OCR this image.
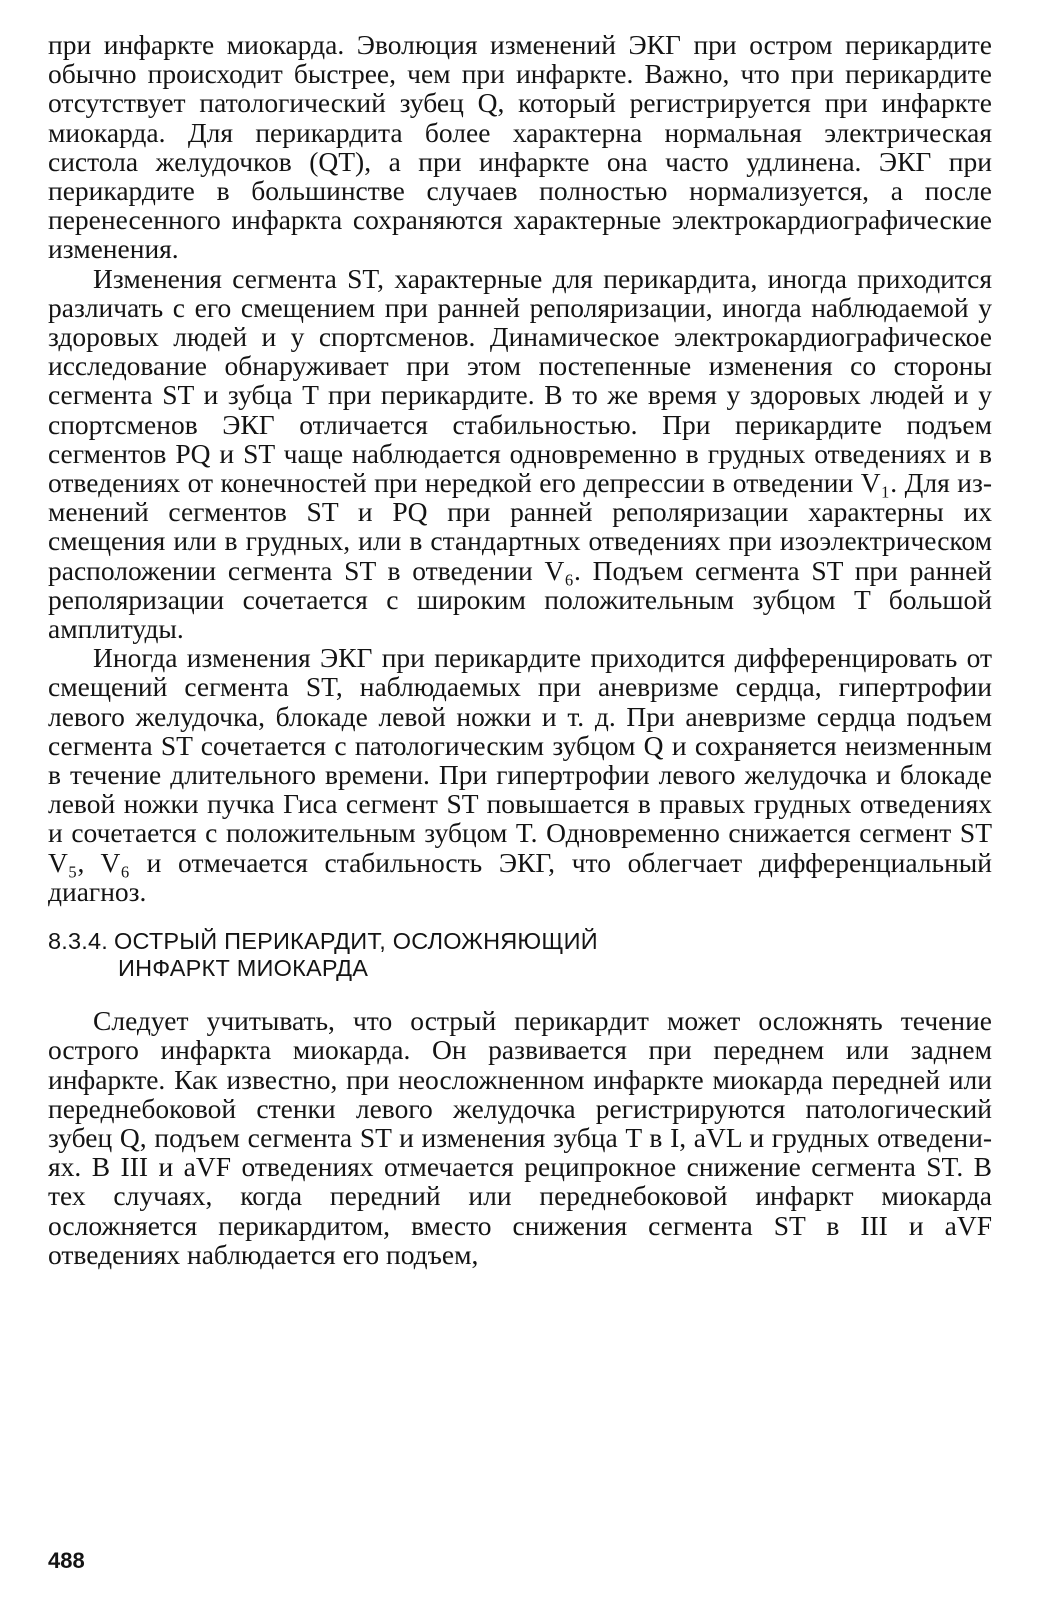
при инфаркте миокарда. Эволюция изменений ЭКГ при остром перикардите обычно происходит быстрее, чем при инфаркте. Важно, что при перикардите отсутствует патологический зубец Q, который регистрируется при инфаркте миокарда. Для перикардита более характерна нормальная электрическая систола желудочков (QT), а при инфаркте она часто удлинена. ЭКГ при перикардите в большинстве случаев полностью нормализуется, а после перенесенного инфаркта сохраняются характерные электрокардиографические изменения.

Изменения сегмента ST, характерные для перикардита, иногда приходится различать с его смещением при ранней реполяризации, иногда наблюдаемой у здоровых людей и у спортсменов. Динамическое электрокардиографическое исследование обнаруживает при этом постепенные изменения со стороны сегмента ST и зубца T при перикардите. В то же время у здоровых людей и у спортсменов ЭКГ отличается стабильностью. При перикардите подъем сегментов PQ и ST чаще наблюдается одновременно в грудных отведениях и в отведениях от конечностей при нередкой его депрессии в отведении V₁. Для изменений сегментов ST и PQ при ранней реполяризации характерны их смещения или в грудных, или в стандартных отведениях при изоэлектрическом расположении сегмента ST в отведении V₆. Подъем сегмента ST при ранней реполяризации сочетается с широким положительным зубцом T большой амплитуды.

Иногда изменения ЭКГ при перикардите приходится дифференцировать от смещений сегмента ST, наблюдаемых при аневризме сердца, гипертрофии левого желудочка, блокаде левой ножки и т. д. При аневризме сердца подъем сегмента ST сочетается с патологическим зубцом Q и сохраняется неизменным в течение длительного времени. При гипертрофии левого желудочка и блокаде левой ножки пучка Гиса сегмент ST повышается в правых грудных отведениях и сочетается с положительным зубцом T. Одновременно снижается сегмент ST V₅, V₆ и отмечается стабильность ЭКГ, что облегчает дифференциальный диагноз.

8.3.4. ОСТРЫЙ ПЕРИКАРДИТ, ОСЛОЖНЯЮЩИЙ
ИНФАРКТ МИОКАРДА

Следует учитывать, что острый перикардит может осложнять течение острого инфаркта миокарда. Он развивается при переднем или заднем инфаркте. Как известно, при неосложненном инфаркте миокарда передней или переднебоковой стенки левого желудочка регистрируются патологический зубец Q, подъем сегмента ST и изменения зубца T в I, aVL и грудных отведениях. В III и aVF отведениях отмечается реципрокное снижение сегмента ST. В тех случаях, когда передний или переднебоковой инфаркт миокарда осложняется перикардитом, вместо снижения сегмента ST в III и aVF отведениях наблюдается его подъем,

488
